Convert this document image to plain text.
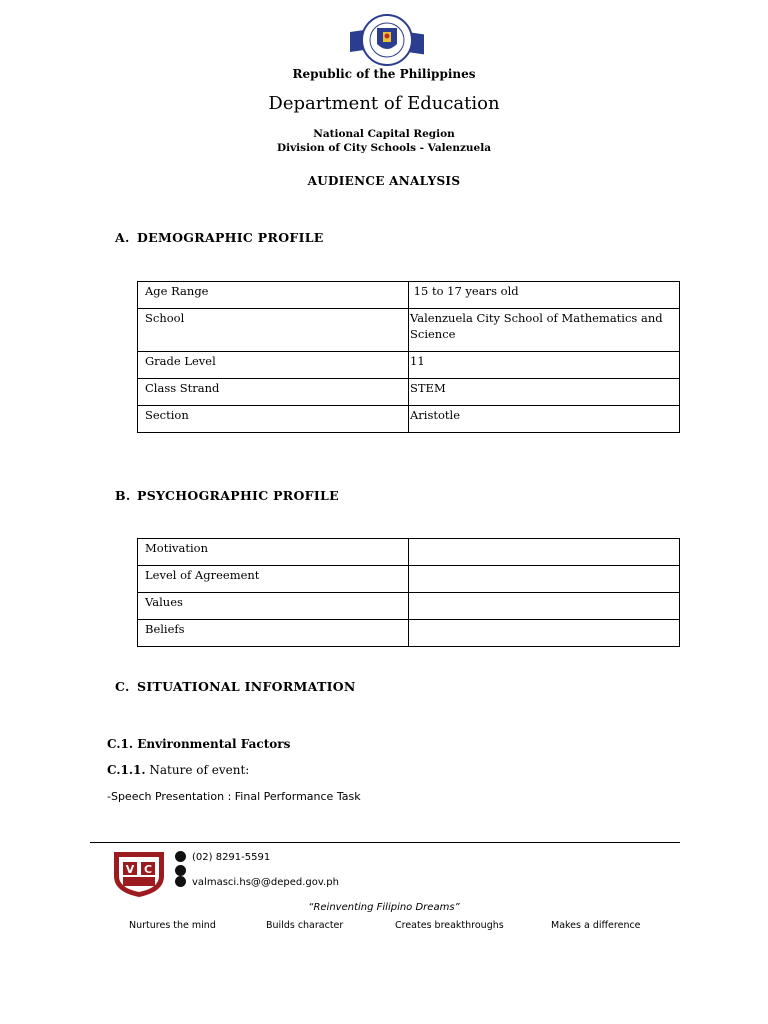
Republic of the Philippines
Department of Education
National Capital Region
Division of City Schools - Valenzuela
AUDIENCE ANALYSIS
A. DEMOGRAPHIC PROFILE
Age Range	15 to 17 years old
School	Valenzuela City School of Mathematics and Science
Grade Level	11
Class Strand	STEM
Section	Aristotle
B. PSYCHOGRAPHIC PROFILE
Motivation	
Level of Agreement	
Values	
Beliefs	
C. SITUATIONAL INFORMATION
C.1. Environmental Factors
C.1.1. Nature of event:
-Speech Presentation : Final Performance Task
V C
(02) 8291-5591
valmasci.hs@@deped.gov.ph
“Reinventing Filipino Dreams”
Nurtures the mind	Builds character	Creates breakthroughs	Makes a difference
